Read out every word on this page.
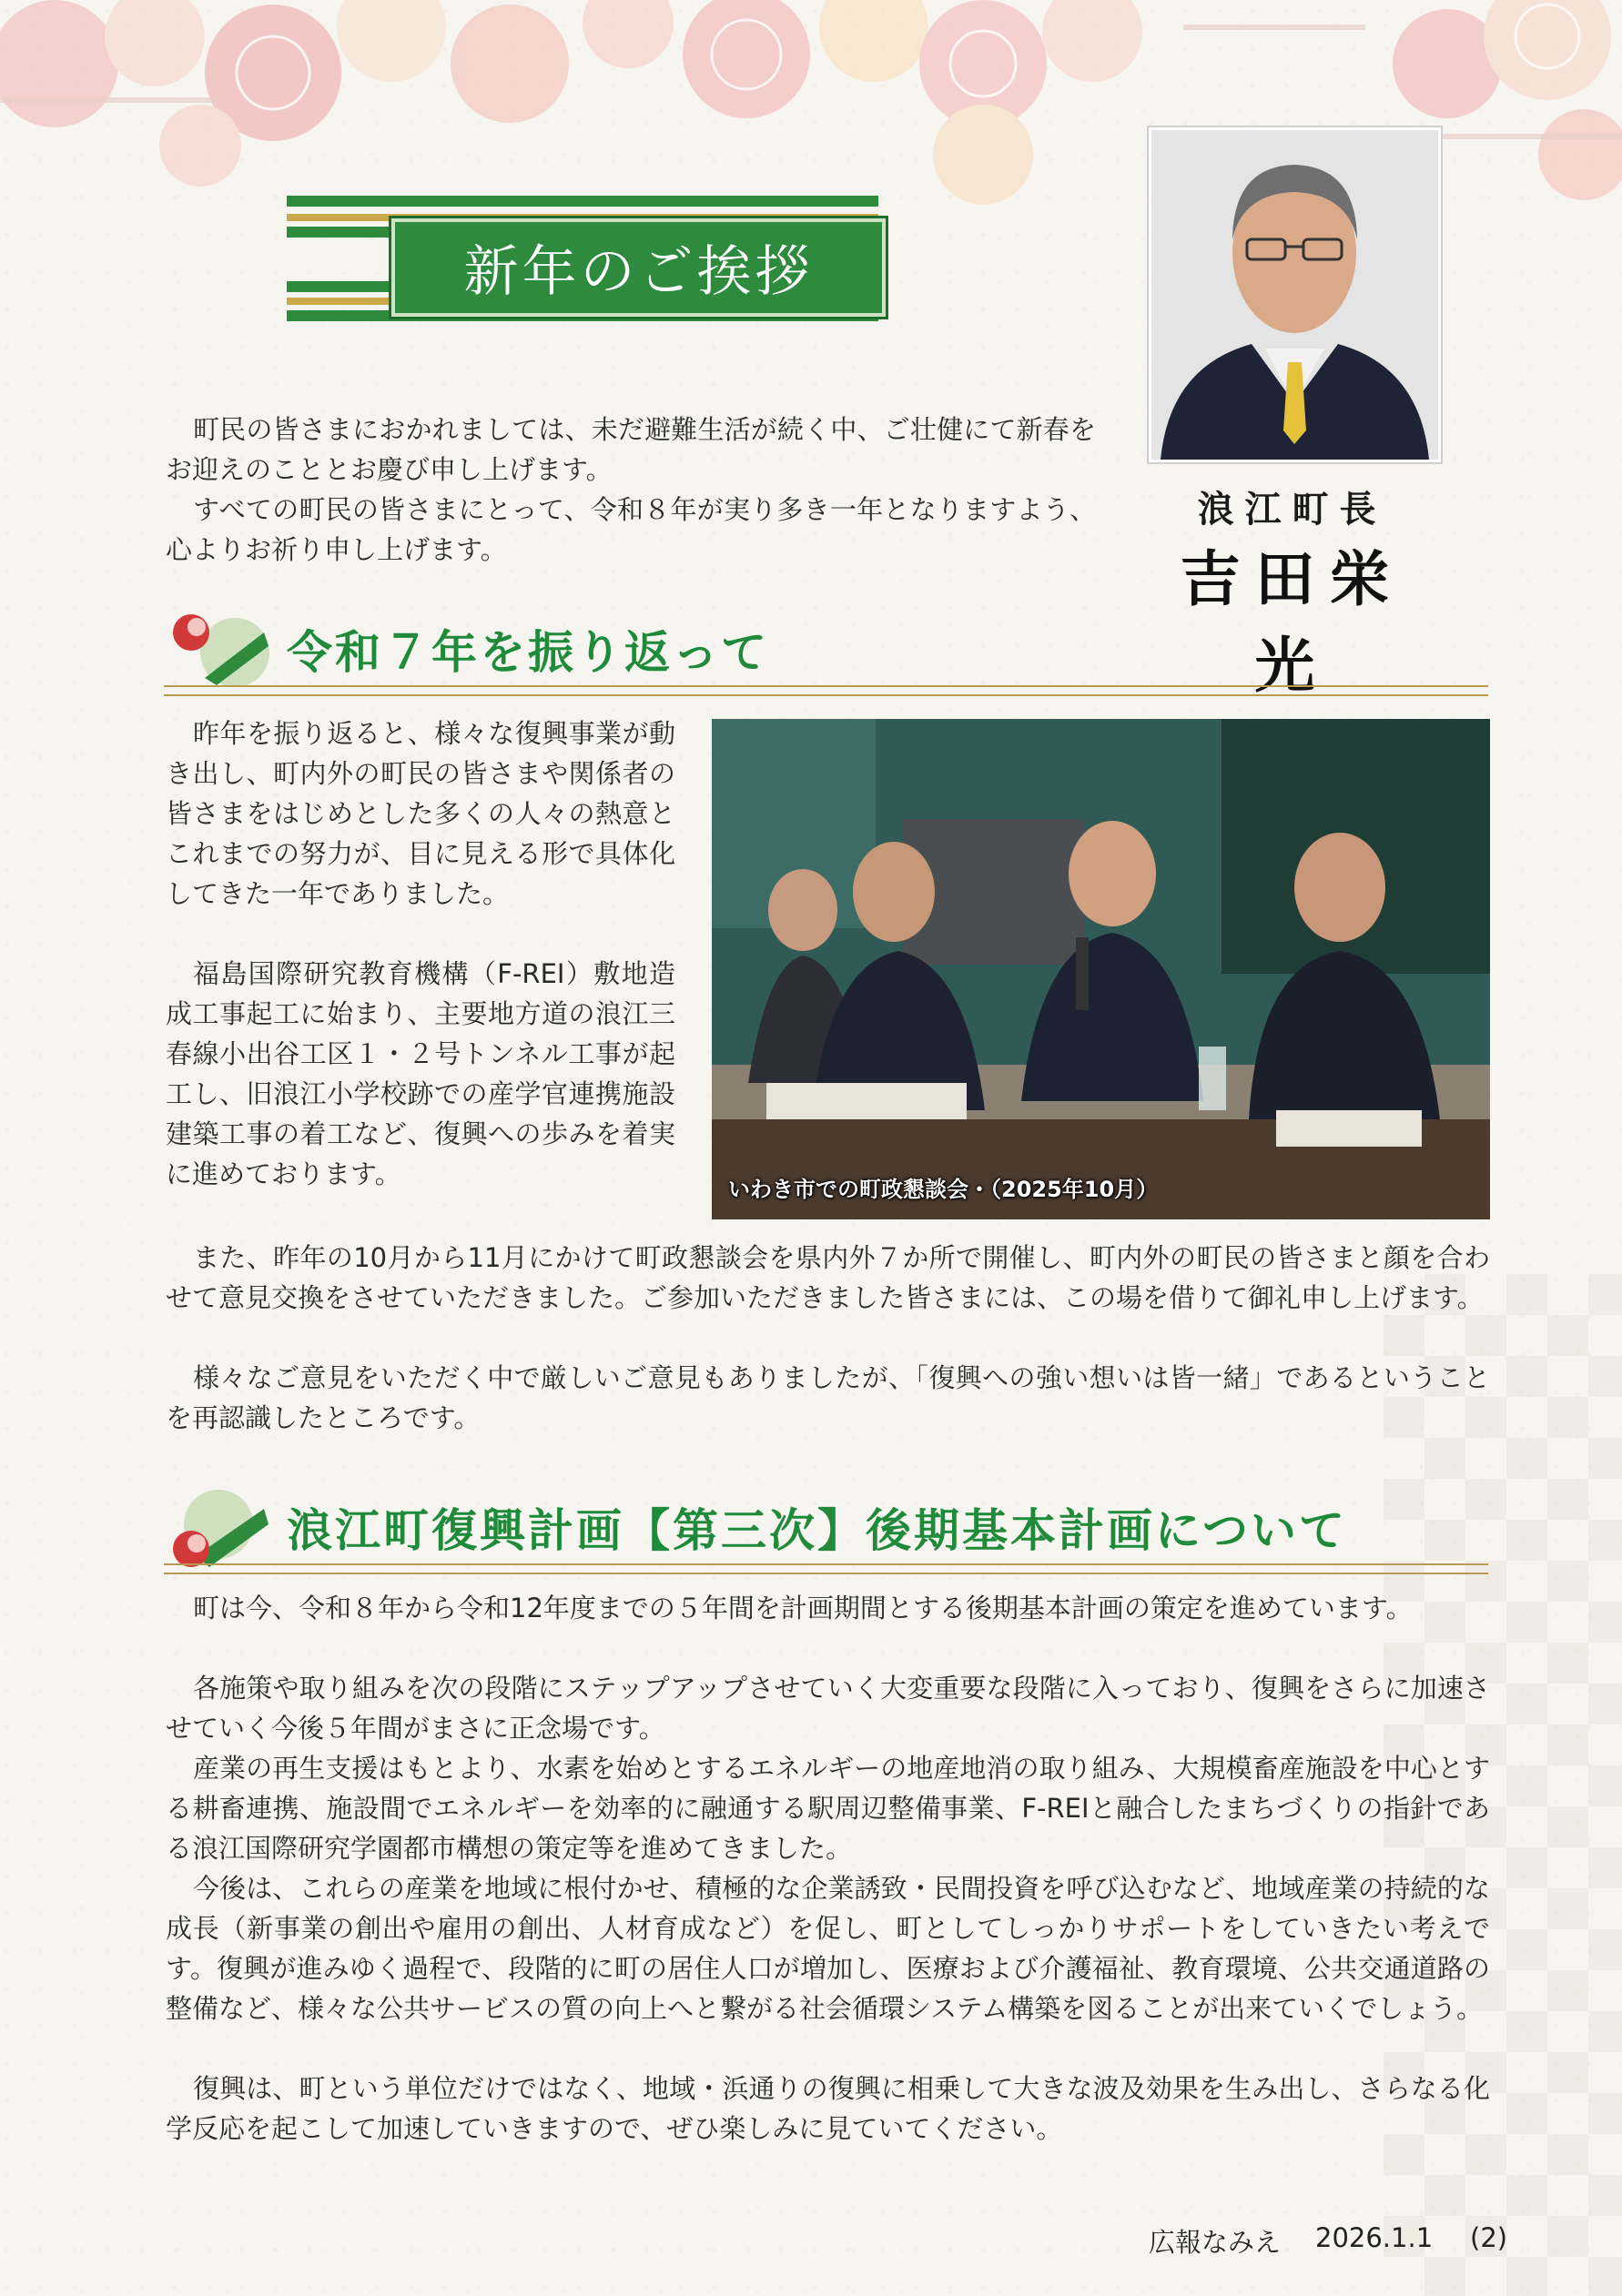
新年のご挨拶
浪江町長
吉田栄光

町民の皆さまにおかれましては、未だ避難生活が続く中、ご壮健にて新春をお迎えのこととお慶び申し上げます。

すべての町民の皆さまにとって、令和８年が実り多き一年となりますよう、心よりお祈り申し上げます。

令和７年を振り返って

昨年を振り返ると、様々な復興事業が動き出し、町内外の町民の皆さまや関係者の皆さまをはじめとした多くの人々の熱意とこれまでの努力が、目に見える形で具体化してきた一年でありました。

福島国際研究教育機構（F-REI）敷地造成工事起工に始まり、主要地方道の浪江三春線小出谷工区１・２号トンネル工事が起工し、旧浪江小学校跡での産学官連携施設建築工事の着工など、復興への歩みを着実に進めております。	いわき市での町政懇談会・（2025年10月）

また、昨年の10月から11月にかけて町政懇談会を県内外７か所で開催し、町内外の町民の皆さまと顔を合わせて意見交換をさせていただきました。ご参加いただきました皆さまには、この場を借りて御礼申し上げます。

様々なご意見をいただく中で厳しいご意見もありましたが、「復興への強い想いは皆一緒」であるということを再認識したところです。

浪江町復興計画【第三次】後期基本計画について

町は今、令和８年から令和12年度までの５年間を計画期間とする後期基本計画の策定を進めています。

各施策や取り組みを次の段階にステップアップさせていく大変重要な段階に入っており、復興をさらに加速させていく今後５年間がまさに正念場です。

産業の再生支援はもとより、水素を始めとするエネルギーの地産地消の取り組み、大規模畜産施設を中心とする耕畜連携、施設間でエネルギーを効率的に融通する駅周辺整備事業、F-REIと融合したまちづくりの指針である浪江国際研究学園都市構想の策定等を進めてきました。

今後は、これらの産業を地域に根付かせ、積極的な企業誘致・民間投資を呼び込むなど、地域産業の持続的な成長（新事業の創出や雇用の創出、人材育成など）を促し、町としてしっかりサポートをしていきたい考えです。復興が進みゆく過程で、段階的に町の居住人口が増加し、医療および介護福祉、教育環境、公共交通道路の整備など、様々な公共サービスの質の向上へと繋がる社会循環システム構築を図ることが出来ていくでしょう。

復興は、町という単位だけではなく、地域・浜通りの復興に相乗して大きな波及効果を生み出し、さらなる化学反応を起こして加速していきますので、ぜひ楽しみに見ていてください。

広報なみえ 2026.1.1 (2)
